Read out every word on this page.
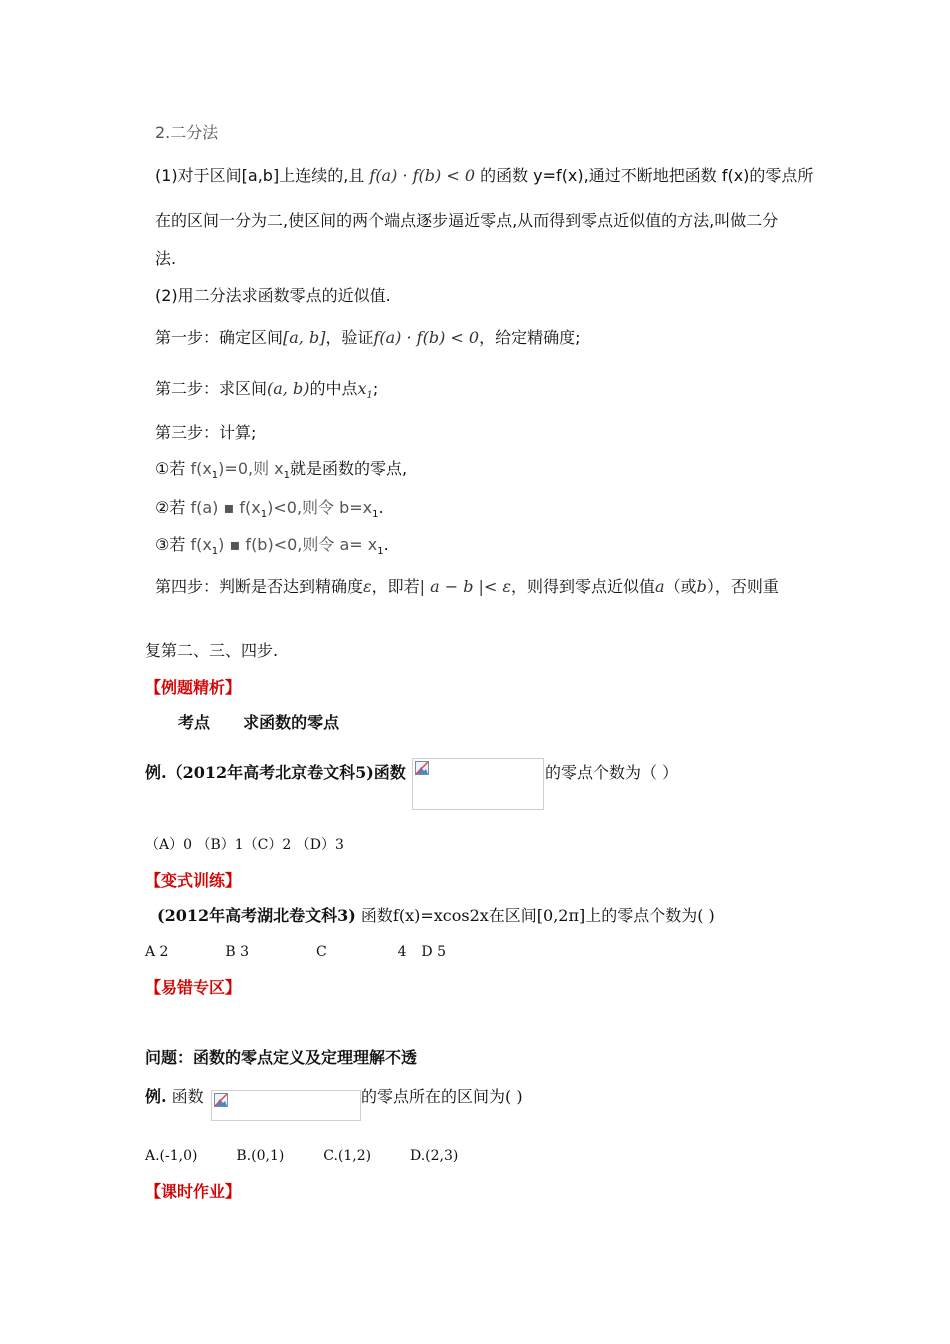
2.二分法
(1)对于区间[a,b]上连续的,且 f(a) · f(b) < 0 的函数 y=f(x),通过不断地把函数 f(x)的零点所
在的区间一分为二,使区间的两个端点逐步逼近零点,从而得到零点近似值的方法,叫做二分
法.
(2)用二分法求函数零点的近似值.
第一步：确定区间[a, b]，验证f(a) · f(b) < 0，给定精确度;
第二步：求区间(a, b)的中点$x_1$;
第三步：计算;
①若 $f(x_1)=0$,则 $x_1$就是函数的零点,
②若 f(a) ▪ $f(x_1)<0$,则令 $b=x_1$.
③若 $f(x_1)$ ▪ f(b)<0,则令 $a= x_1$.
第四步：判断是否达到精确度ε，即若| a − b |< ε，则得到零点近似值a（或b），否则重
复第二、三、四步.
【例题精析】
考点 求函数的零点
例.（2012年高考北京卷文科5)函数	的零点个数为（ ）
（A）0 （B）1（C）2 （D）3
【变式训练】
(2012年高考湖北卷文科3) 函数f(x)=xcos2x在区间[0,2π]上的零点个数为( )
A 2	B 3	C	4 D 5
【易错专区】
问题：函数的零点定义及定理理解不透
例. 函数	的零点所在的区间为( )
A.(-1,0)	B.(0,1)	C.(1,2)	D.(2,3)
【课时作业】
